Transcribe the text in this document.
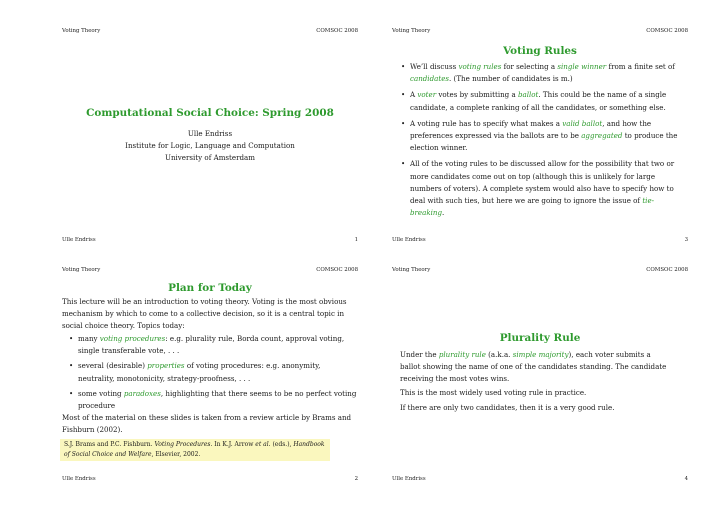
Voting Theory	COMSOC 2008
Computational Social Choice: Spring 2008
Ulle Endriss
Institute for Logic, Language and Computation
University of Amsterdam
Ulle Endriss	1
Voting Theory	COMSOC 2008
Voting Rules
• We’ll discuss voting rules for selecting a single winner from a finite set of candidates. (The number of candidates is m.)
• A voter votes by submitting a ballot. This could be the name of a single candidate, a complete ranking of all the candidates, or something else.
• A voting rule has to specify what makes a valid ballot, and how the preferences expressed via the ballots are to be aggregated to produce the election winner.
• All of the voting rules to be discussed allow for the possibility that two or more candidates come out on top (although this is unlikely for large numbers of voters). A complete system would also have to specify how to deal with such ties, but here we are going to ignore the issue of tie-breaking.
Ulle Endriss	3
Voting Theory	COMSOC 2008
Plan for Today

This lecture will be an introduction to voting theory. Voting is the most obvious mechanism by which to come to a collective decision, so it is a central topic in social choice theory. Topics today:

• many voting procedures: e.g. plurality rule, Borda count, approval voting, single transferable vote, . . .
• several (desirable) properties of voting procedures: e.g. anonymity, neutrality, monotonicity, strategy-proofness, . . .
• some voting paradoxes, highlighting that there seems to be no perfect voting procedure

Most of the material on these slides is taken from a review article by Brams and Fishburn (2002).

S.J. Brams and P.C. Fishburn. Voting Procedures. In K.J. Arrow et al. (eds.), Handbook of Social Choice and Welfare, Elsevier, 2002.
Ulle Endriss	2
Voting Theory	COMSOC 2008
Plurality Rule

Under the plurality rule (a.k.a. simple majority), each voter submits a ballot showing the name of one of the candidates standing. The candidate receiving the most votes wins.

This is the most widely used voting rule in practice.

If there are only two candidates, then it is a very good rule.

Ulle Endriss	4
